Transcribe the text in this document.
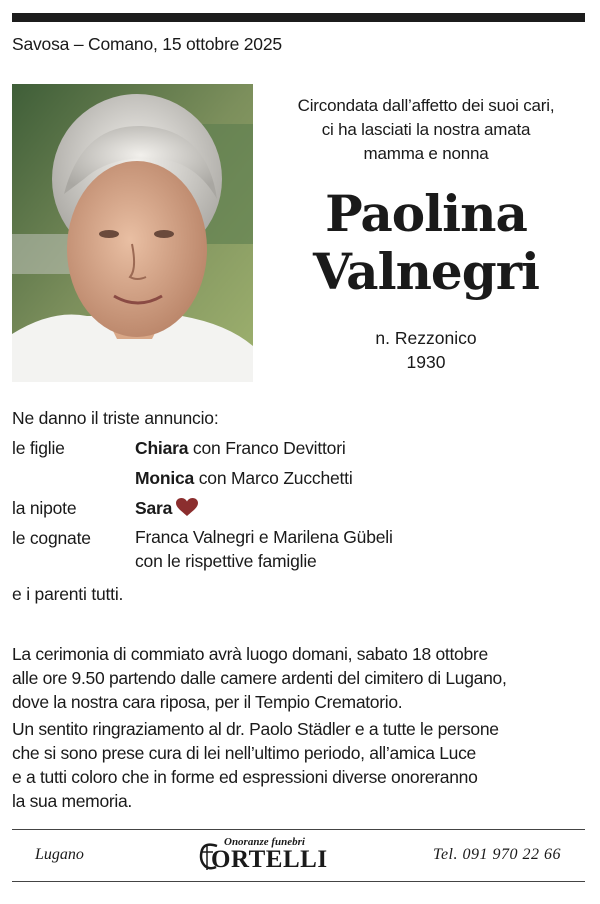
Savosa – Comano, 15 ottobre 2025
Circondata dall’affetto dei suoi cari,
ci ha lasciati la nostra amata
mamma e nonna
Paolina
Valnegri
n. Rezzonico
1930
Ne danno il triste annuncio:
le figlie	Chiara con Franco Devittori
Monica con Marco Zucchetti
la nipote	Sara
le cognate	Franca Valnegri e Marilena Gübeli
con le rispettive famiglie
e i parenti tutti.
La cerimonia di commiato avrà luogo domani, sabato 18 ottobre
alle ore 9.50 partendo dalle camere ardenti del cimitero di Lugano,
dove la nostra cara riposa, per il Tempio Crematorio.
Un sentito ringraziamento al dr. Paolo Städler e a tutte le persone
che si sono prese cura di lei nell’ultimo periodo, all’amica Luce
e a tutti coloro che in forme ed espressioni diverse onoreranno
la sua memoria.
Lugano
Onoranze funebri
ORTELLI	Tel. 091 970 22 66
